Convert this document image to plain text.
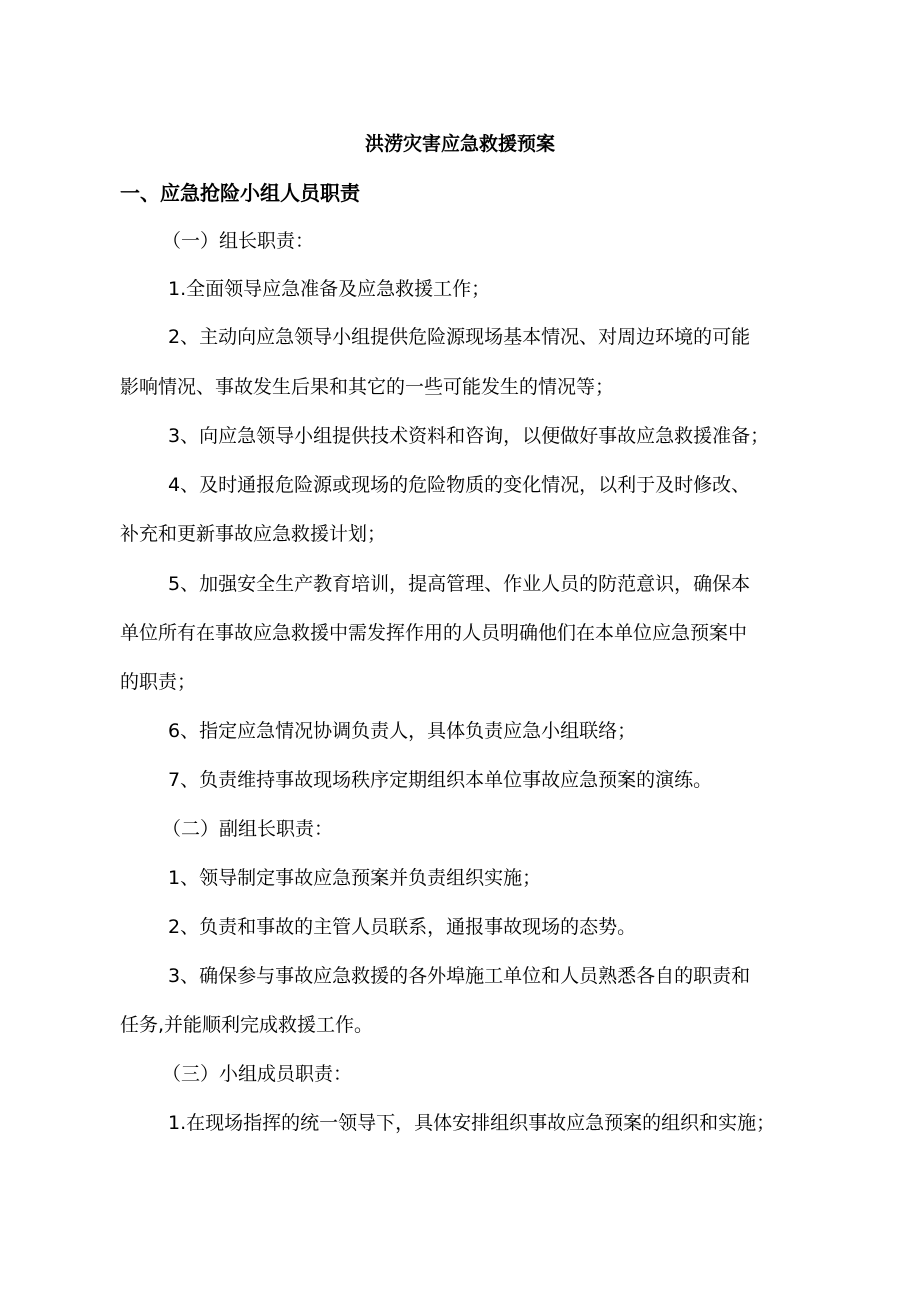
洪涝灾害应急救援预案
一、应急抢险小组人员职责
（一）组长职责：
1.全面领导应急准备及应急救援工作；
2、主动向应急领导小组提供危险源现场基本情况、对周边环境的可能
影响情况、事故发生后果和其它的一些可能发生的情况等；
3、向应急领导小组提供技术资料和咨询，以便做好事故应急救援准备；
4、及时通报危险源或现场的危险物质的变化情况，以利于及时修改、
补充和更新事故应急救援计划；
5、加强安全生产教育培训，提高管理、作业人员的防范意识，确保本
单位所有在事故应急救援中需发挥作用的人员明确他们在本单位应急预案中
的职责；
6、指定应急情况协调负责人，具体负责应急小组联络；
7、负责维持事故现场秩序定期组织本单位事故应急预案的演练。
（二）副组长职责：
1、领导制定事故应急预案并负责组织实施；
2、负责和事故的主管人员联系，通报事故现场的态势。
3、确保参与事故应急救援的各外埠施工单位和人员熟悉各自的职责和
任务,并能顺利完成救援工作。
（三）小组成员职责：
1.在现场指挥的统一领导下，具体安排组织事故应急预案的组织和实施；
